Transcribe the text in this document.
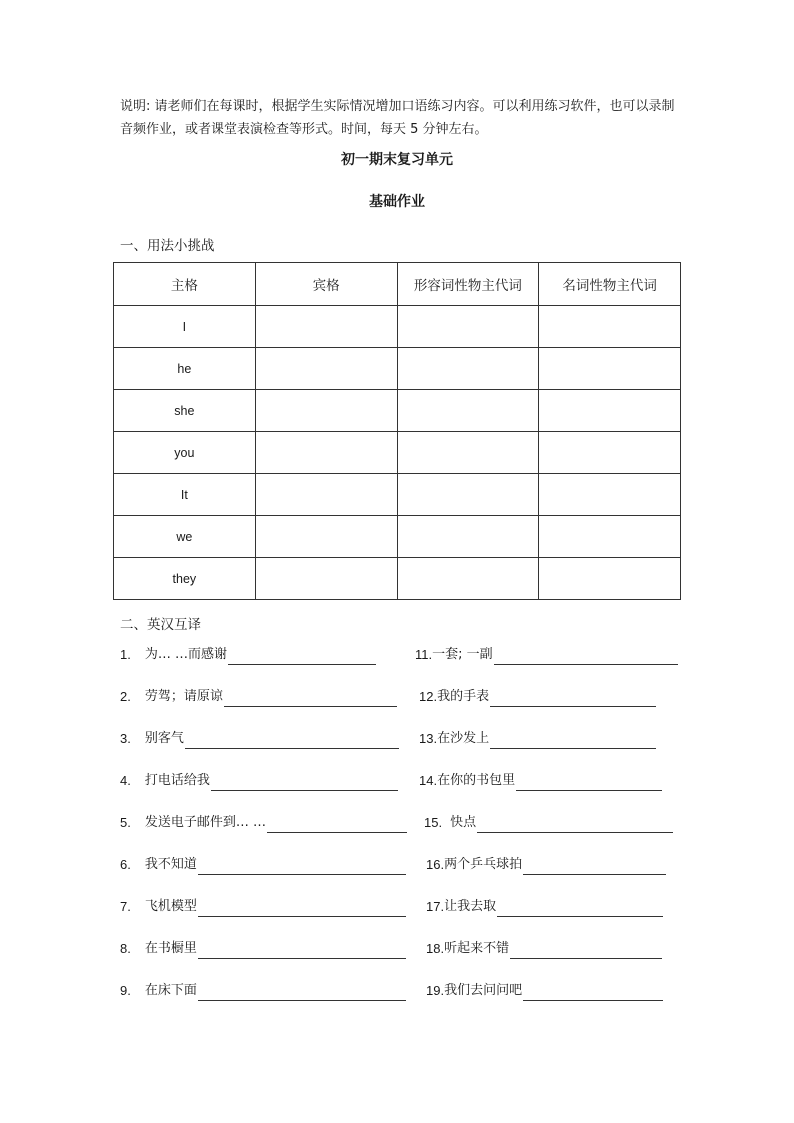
说明: 请老师们在每课时，根据学生实际情况增加口语练习内容。可以利用练习软件，也可以录制音频作业，或者课堂表演检查等形式。时间，每天 5 分钟左右。
初一期末复习单元
基础作业
一、用法小挑战
主格	宾格	形容词性物主代词	名词性物主代词
I			
he			
she			
you			
It			
we			
they			
二、英汉互译
1. 为… …而感谢
2. 劳驾；请原谅
3. 别客气
4. 打电话给我
5. 发送电子邮件到… …
6. 我不知道
7. 飞机模型
8. 在书橱里
9. 在床下面
11. 一套; 一副
12. 我的手表
13. 在沙发上
14. 在你的书包里
15. 快点
16. 两个乒乓球拍
17. 让我去取
18. 听起来不错
19. 我们去问问吧
